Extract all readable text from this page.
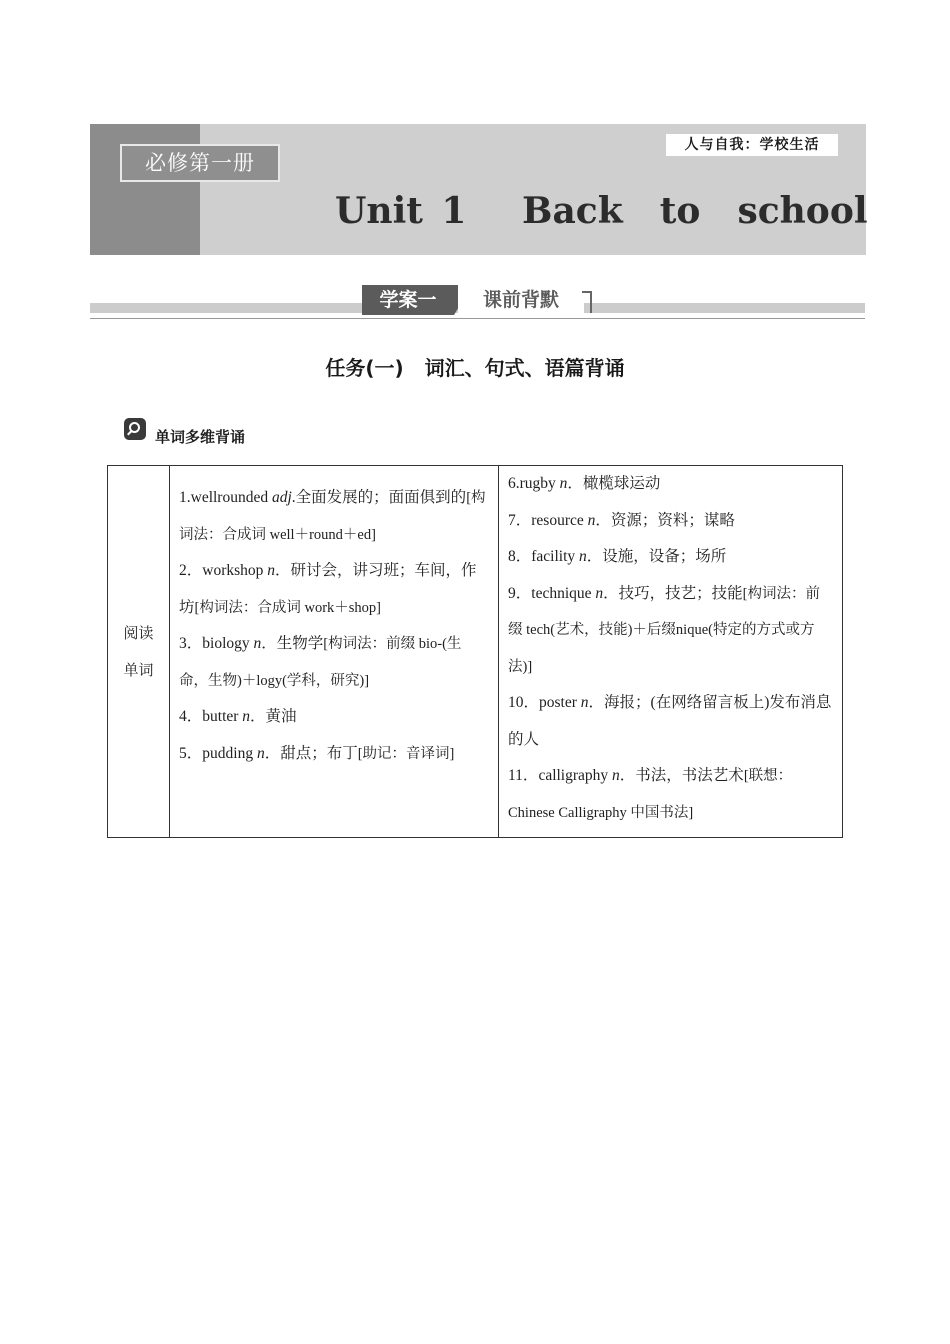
必修第一册
人与自我：学校生活
Unit 1   Back  to  school
学案一	课前背默
任务(一)   词汇、句式、语篇背诵
单词多维背诵
阅读
单词	
1.wellrounded adj.全面发展的；面面俱到的[构词法：合成词 well＋round＋ed]
2．workshop n．研讨会，讲习班；车间，作坊[构词法：合成词 work＋shop]
3．biology n．生物学[构词法：前缀 bio-(生命，生物)＋logy(学科，研究)]
4．butter n．黄油
5．pudding n．甜点；布丁[助记：音译词]

6.rugby n．橄榄球运动
7．resource n．资源；资料；谋略
8．facility n．设施，设备；场所
9．technique n．技巧，技艺；技能[构词法：前缀 tech(艺术，技能)＋后缀nique(特定的方式或方法)]
10．poster n．海报；(在网络留言板上)发布消息的人
11．calligraphy n．书法，书法艺术[联想：Chinese Calligraphy 中国书法]
